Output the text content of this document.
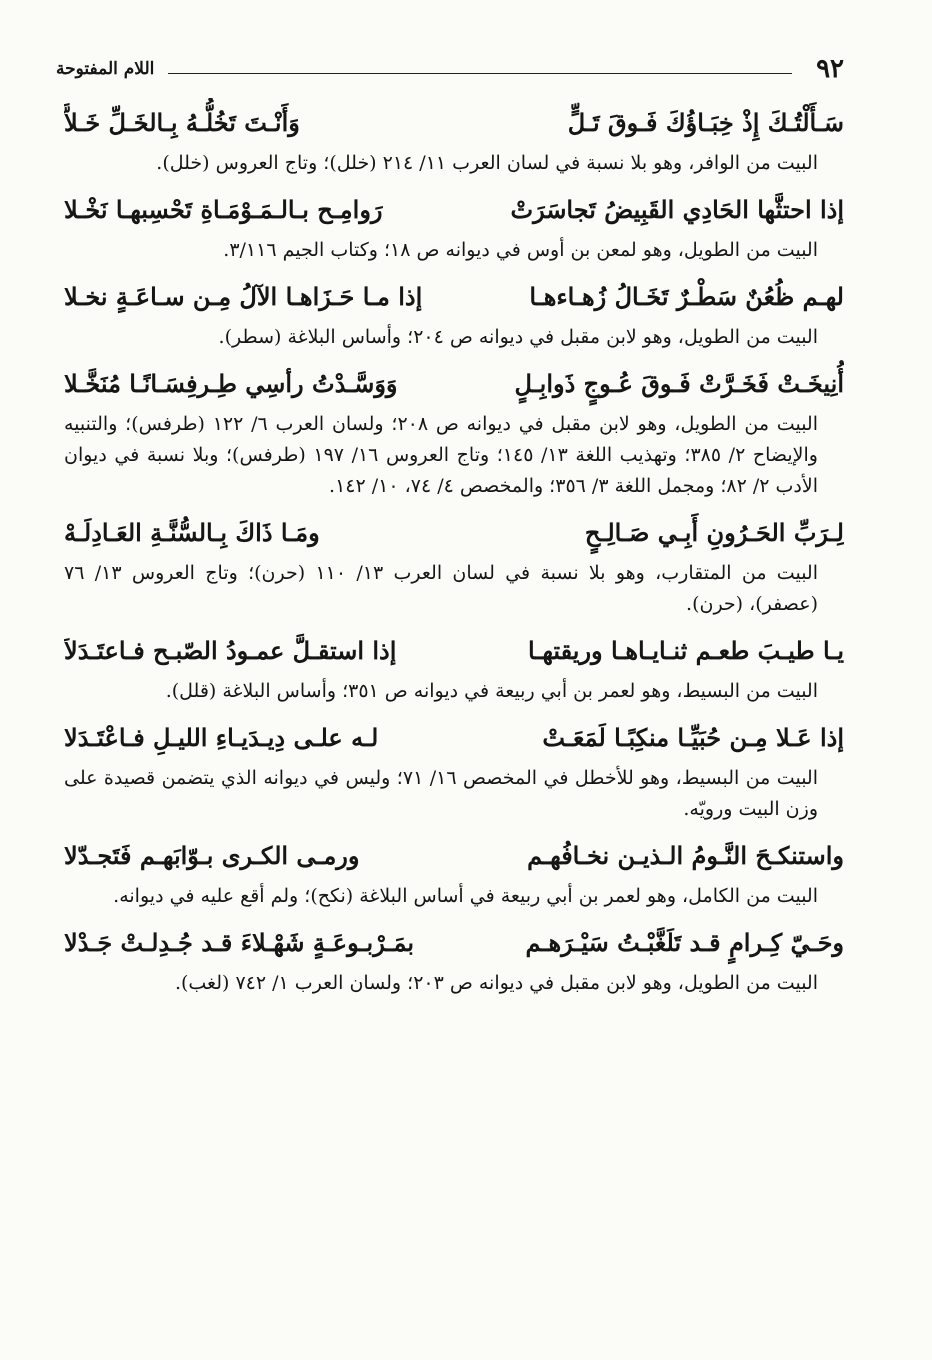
٩٢
اللام المفتوحة
سَـأَلْتُـكَ إِذْ خِبَـاؤُكَ فَـوقَ تَـلٍّ
وَأَنْـتَ تَخُلُّـهُ بِـالخَـلِّ خَـلاَّ

البيت من الوافر، وهو بلا نسبة في لسان العرب ١١/ ٢١٤ (خلل)؛ وتاج العروس (خلل).

إذا احتثَّها الحَادِي القَبِيضُ تَجاسَرَتْ
رَوامِـح بـالـمَـوْمَـاةِ تَحْسِبهـا نَخْـلا

البيت من الطويل، وهو لمعن بن أوس في ديوانه ص ١٨؛ وكتاب الجيم ٣/١١٦.

لهـم ظُعُنٌ سَطْـرٌ تَخَـالُ زُهـاءهـا
إذا مـا حَـزَاهـا الآلُ مِـن سـاعَـةٍ نخـلا

البيت من الطويل، وهو لابن مقبل في ديوانه ص ٢٠٤؛ وأساس البلاغة (سطر).

أُنِيخَـتْ فَخَـرَّتْ فَـوقَ عُـوجٍ ذَوابِـلٍ
وَوَسَّـدْتُ رأسِي طِـرفِسَـانًـا مُنَخَّـلا

البيت من الطويل، وهو لابن مقبل في ديوانه ص ٢٠٨؛ ولسان العرب ٦/ ١٢٢ (طرفس)؛ والتنبيه والإيضاح ٢/ ٣٨٥؛ وتهذيب اللغة ١٣/ ١٤٥؛ وتاج العروس ١٦/ ١٩٧ (طرفس)؛ وبلا نسبة في ديوان الأدب ٢/ ٨٢؛ ومجمل اللغة ٣/ ٣٥٦؛ والمخصص ٤/ ٧٤، ١٠/ ١٤٢.

لِـرَبِّ الحَـرُونِ أَبِـي صَـالِـحٍ
ومَـا ذَاكَ بِـالسُّنَّـةِ العَـادِلَـهْ

البيت من المتقارب، وهو بلا نسبة في لسان العرب ١٣/ ١١٠ (حرن)؛ وتاج العروس ١٣/ ٧٦ (عصفر)، (حرن).

يـا طيـبَ طعـم ثنـايـاهـا وريقتهـا
إذا استقـلَّ عمـودُ الصّبـح فـاعتَـدَلاَ

البيت من البسيط، وهو لعمر بن أبي ربيعة في ديوانه ص ٣٥١؛ وأساس البلاغة (قلل).

إذا عَـلا مِـن حُبَيِّـا منكِبًـا لَمَعَـتْ
لـه علـى دِيـدَيـاءِ الليـلِ فـاعْتَـدَلا

البيت من البسيط، وهو للأخطل في المخصص ١٦/ ٧١؛ وليس في ديوانه الذي يتضمن قصيدة على وزن البيت ورويّه.

واستنكـحَ النَّـومُ الـذيـن نخـافُهـم
ورمـى الكـرى بـوّابَهـم فَتَجـدّلا

البيت من الكامل، وهو لعمر بن أبي ربيعة في أساس البلاغة (نكح)؛ ولم أقع عليه في ديوانه.

وحَـيّ كِـرامٍ قـد تَلَغَّبْـتُ سَيْـرَهـم
بمَـرْبـوعَـةٍ شَهْـلاءَ قـد جُـدِلـتْ جَـدْلا

البيت من الطويل، وهو لابن مقبل في ديوانه ص ٢٠٣؛ ولسان العرب ١/ ٧٤٢ (لغب).
